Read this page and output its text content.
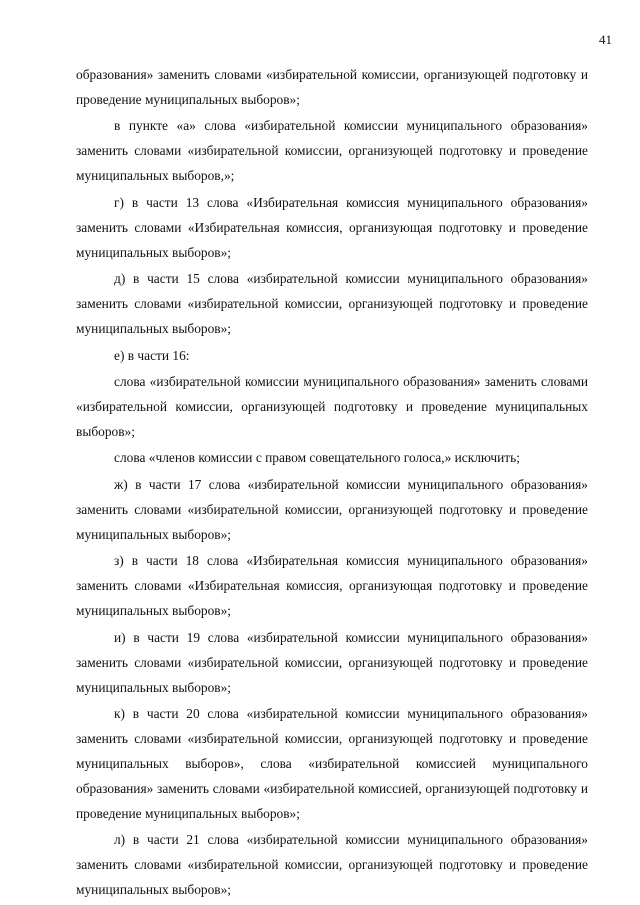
41

образования» заменить словами «избирательной комиссии, организующей подготовку и проведение муниципальных выборов»;

в пункте «а» слова «избирательной комиссии муниципального образования» заменить словами «избирательной комиссии, организующей подготовку и проведение муниципальных выборов,»;

г) в части 13 слова «Избирательная комиссия муниципального образования» заменить словами «Избирательная комиссия, организующая подготовку и проведение муниципальных выборов»;

д) в части 15 слова «избирательной комиссии муниципального образования» заменить словами «избирательной комиссии, организующей подготовку и проведение муниципальных выборов»;

е) в части 16:

слова «избирательной комиссии муниципального образования» заменить словами «избирательной комиссии, организующей подготовку и проведение муниципальных выборов»;

слова «членов комиссии с правом совещательного голоса,» исключить;

ж) в части 17 слова «избирательной комиссии муниципального образования» заменить словами «избирательной комиссии, организующей подготовку и проведение муниципальных выборов»;

з) в части 18 слова «Избирательная комиссия муниципального образования» заменить словами «Избирательная комиссия, организующая подготовку и проведение муниципальных выборов»;

и) в части 19 слова «избирательной комиссии муниципального образования» заменить словами «избирательной комиссии, организующей подготовку и проведение муниципальных выборов»;

к) в части 20 слова «избирательной комиссии муниципального образования» заменить словами «избирательной комиссии, организующей подготовку и проведение муниципальных выборов», слова «избирательной комиссией муниципального образования» заменить словами «избирательной комиссией, организующей подготовку и проведение муниципальных выборов»;

л) в части 21 слова «избирательной комиссии муниципального образования» заменить словами «избирательной комиссии, организующей подготовку и проведение муниципальных выборов»;
